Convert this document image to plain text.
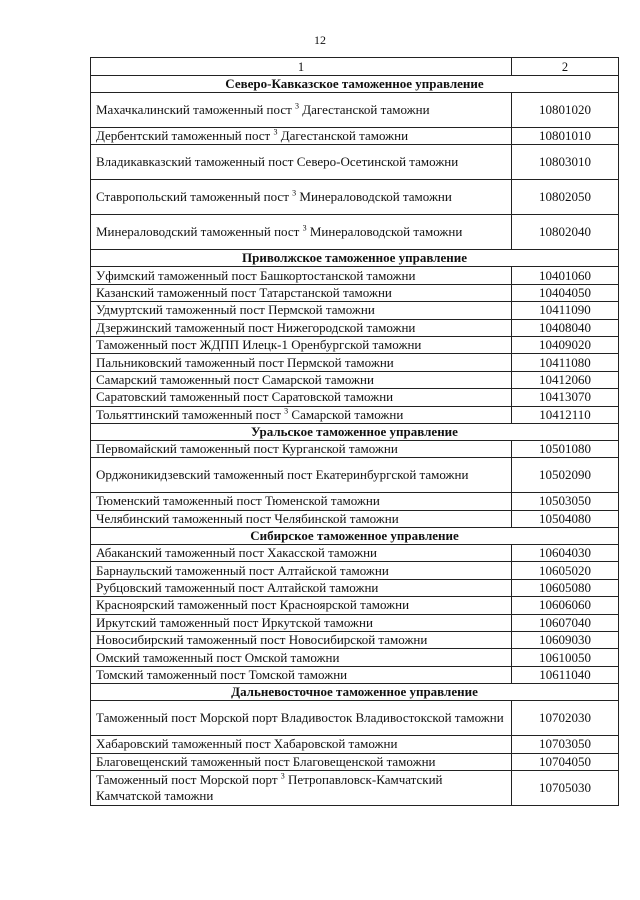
12
1	2
Северо-Кавказское таможенное управление	
Махачкалинский таможенный пост $^3$ Дагестанской таможни	10801020
Дербентский таможенный пост $^3$ Дагестанской таможни	10801010
Владикавказский таможенный пост Северо-Осетинской таможни	10803010
Ставропольский таможенный пост $^3$ Минераловодской таможни	10802050
Минераловодский таможенный пост $^3$ Минераловодской таможни	10802040
Приволжское таможенное управление	
Уфимский таможенный пост Башкортостанской таможни	10401060
Казанский таможенный пост Татарстанской таможни	10404050
Удмуртский таможенный пост Пермской таможни	10411090
Дзержинский таможенный пост Нижегородской таможни	10408040
Таможенный пост ЖДПП Илецк-1 Оренбургской таможни	10409020
Пальниковский таможенный пост Пермской таможни	10411080
Самарский таможенный пост Самарской таможни	10412060
Саратовский таможенный пост Саратовской таможни	10413070
Тольяттинский таможенный пост $^3$ Самарской таможни	10412110
Уральское таможенное управление	
Первомайский таможенный пост Курганской таможни	10501080
Орджоникидзевский таможенный пост Екатеринбургской таможни	10502090
Тюменский таможенный пост Тюменской таможни	10503050
Челябинский таможенный пост Челябинской таможни	10504080
Сибирское таможенное управление	
Абаканский таможенный пост Хакасской таможни	10604030
Барнаульский таможенный пост Алтайской таможни	10605020
Рубцовский таможенный пост Алтайской таможни	10605080
Красноярский таможенный пост Красноярской таможни	10606060
Иркутский таможенный пост Иркутской таможни	10607040
Новосибирский таможенный пост Новосибирской таможни	10609030
Омский таможенный пост Омской таможни	10610050
Томский таможенный пост Томской таможни	10611040
Дальневосточное таможенное управление	
Таможенный пост Морской порт Владивосток Владивостокской таможни	10702030
Хабаровский таможенный пост Хабаровской таможни	10703050
Благовещенский таможенный пост Благовещенской таможни	10704050
Таможенный пост Морской порт $^3$ Петропавловск-Камчатский Камчатской таможни	10705030
